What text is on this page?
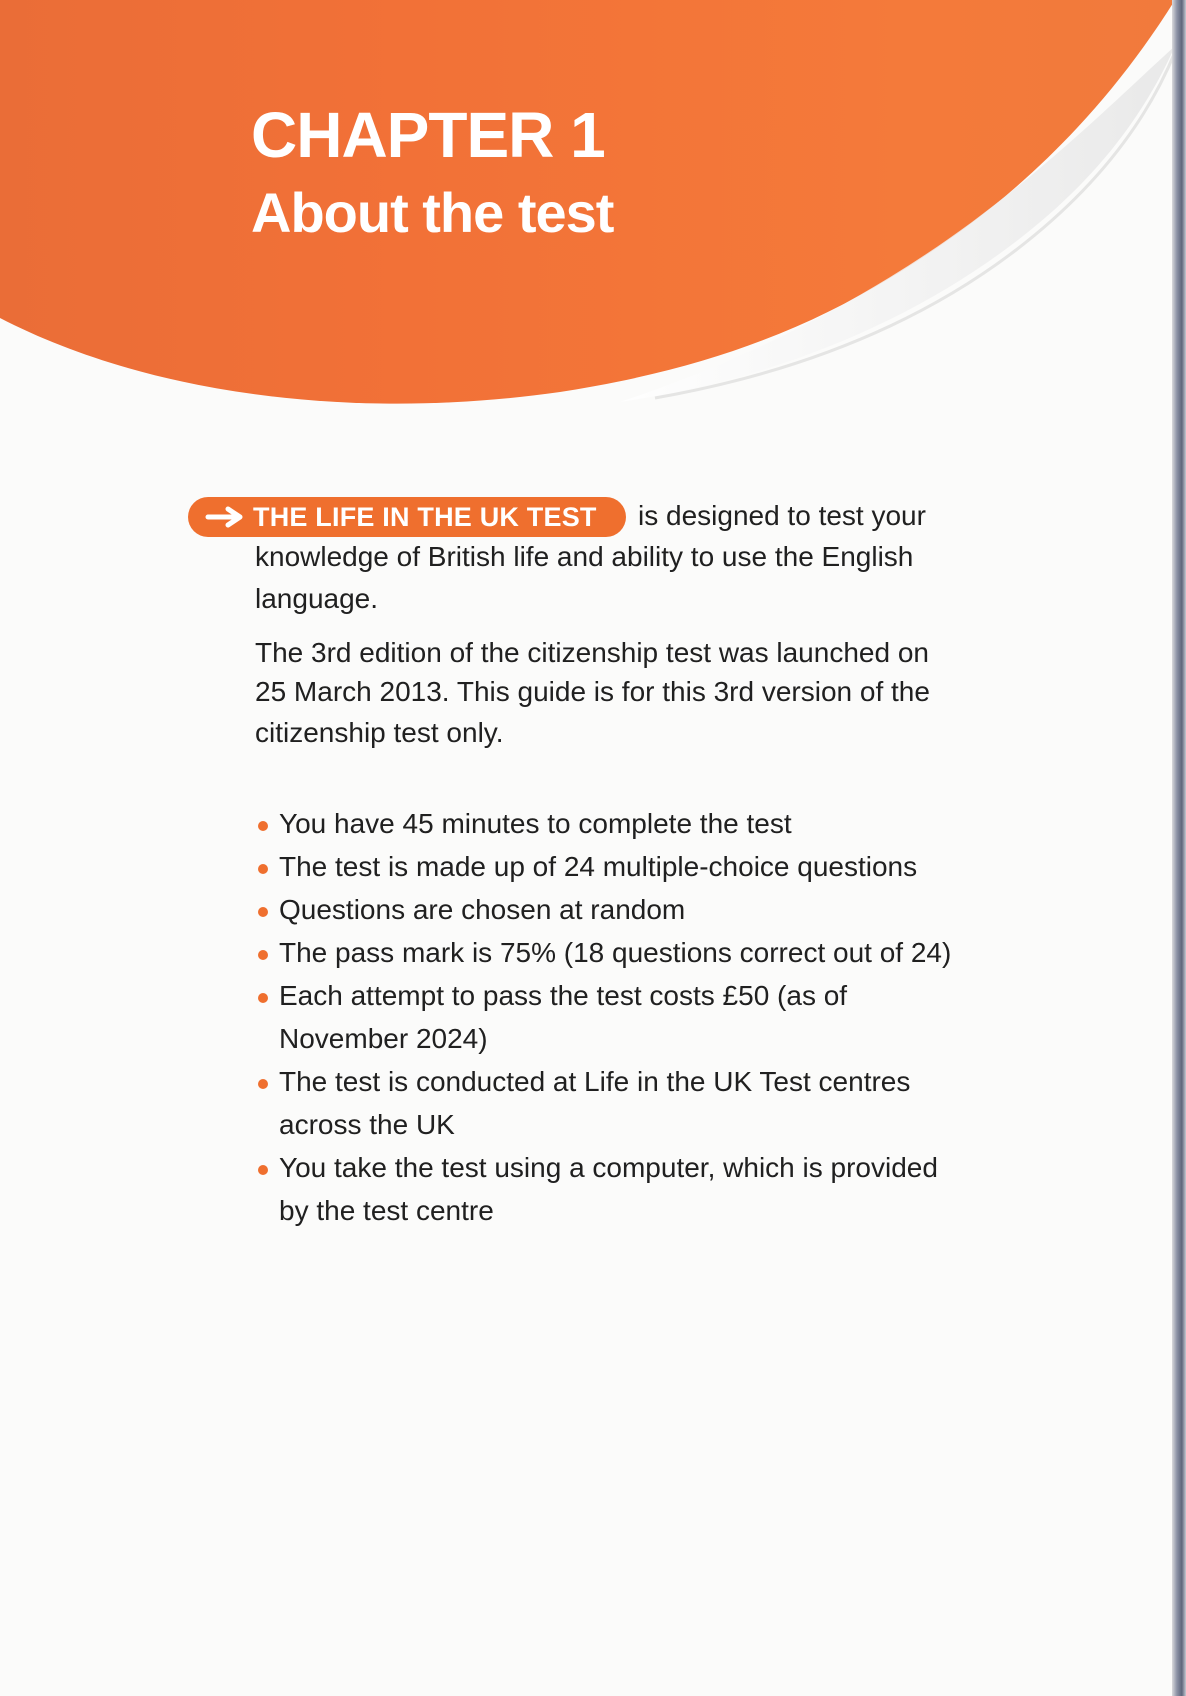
CHAPTER 1
About the test
THE LIFE IN THE UK TEST	is designed to test your

knowledge of British life and ability to use the English

language.

The 3rd edition of the citizenship test was launched on

25 March 2013. This guide is for this 3rd version of the

citizenship test only.

You have 45 minutes to complete the test
The test is made up of 24 multiple-choice questions
Questions are chosen at random
The pass mark is 75% (18 questions correct out of 24)
Each attempt to pass the test costs £50 (as of
November 2024)
The test is conducted at Life in the UK Test centres
across the UK
You take the test using a computer, which is provided
by the test centre
